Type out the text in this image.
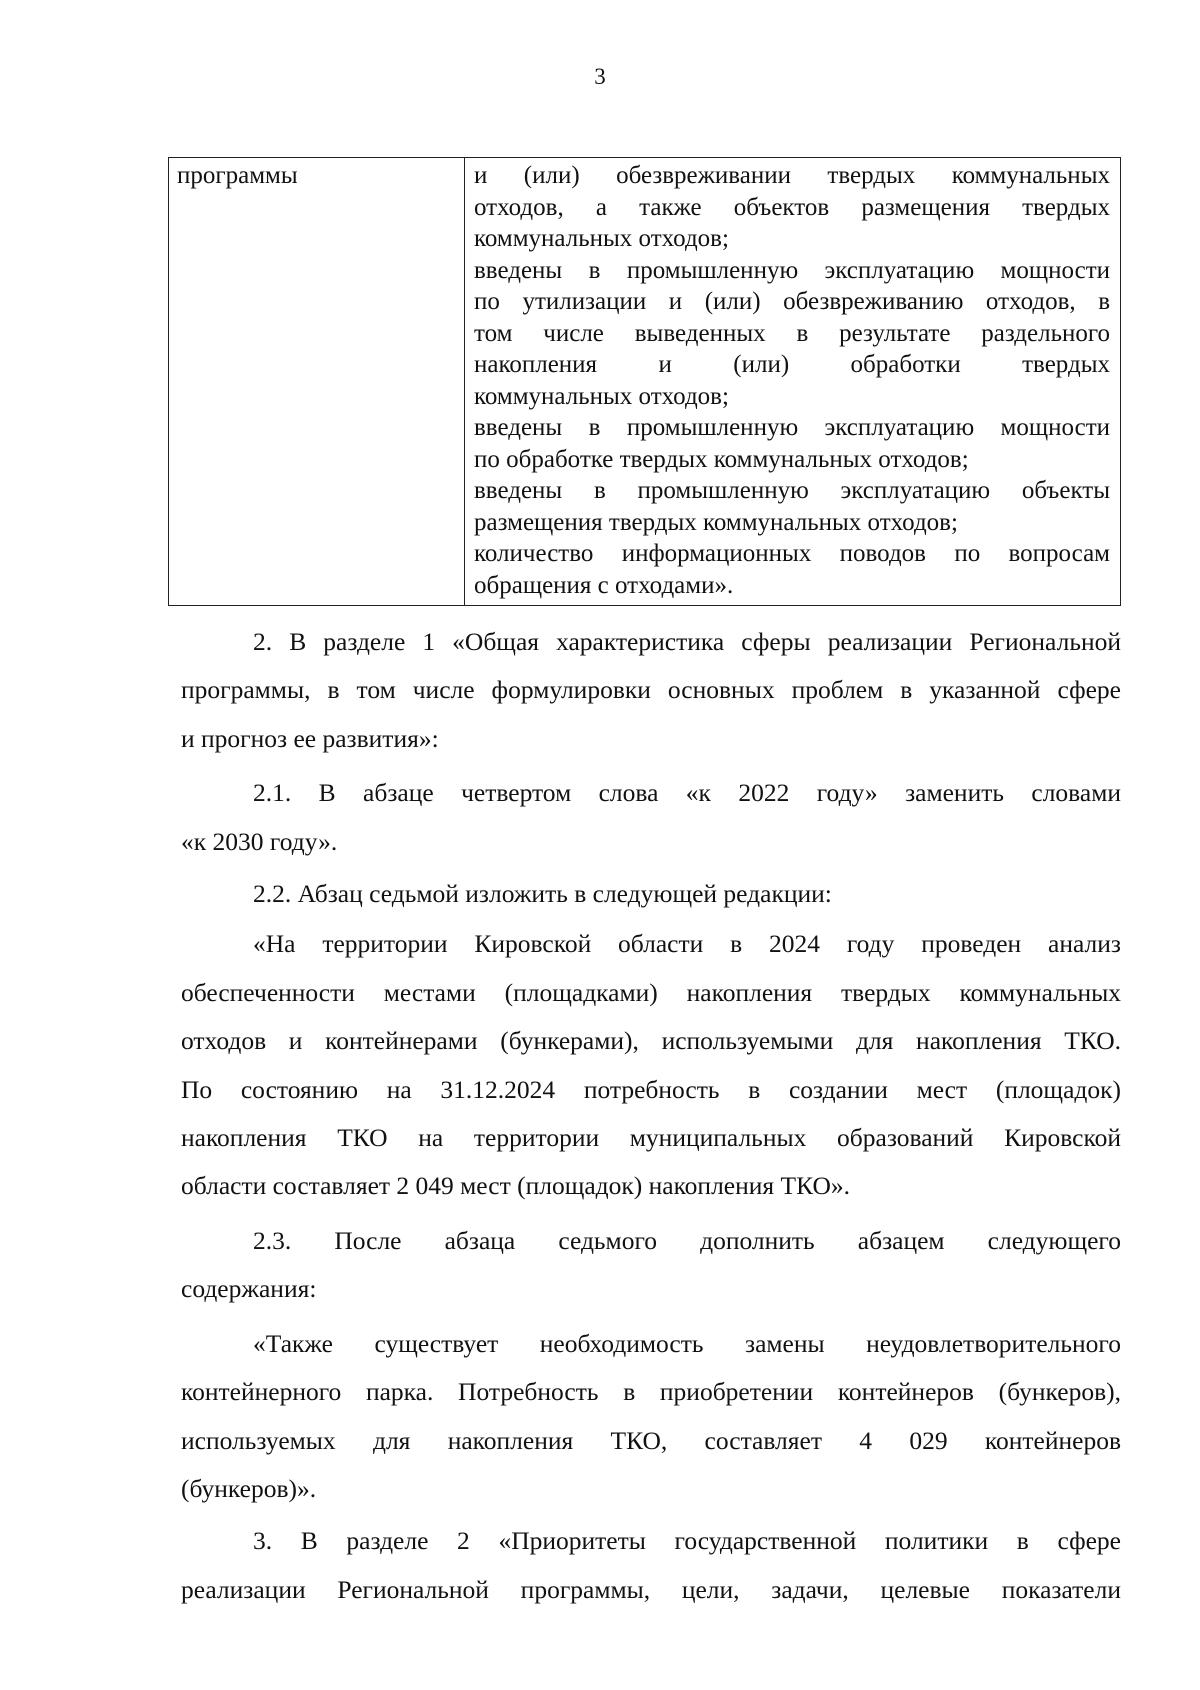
3
программы	и (или) обезвреживании твердых коммунальных
отходов, а также объектов размещения твердых
коммунальных отходов;
введены в промышленную эксплуатацию мощности
по утилизации и (или) обезвреживанию отходов, в
том числе выведенных в результате раздельного
накопления и (или) обработки твердых
коммунальных отходов;
введены в промышленную эксплуатацию мощности
по обработке твердых коммунальных отходов;
введены в промышленную эксплуатацию объекты
размещения твердых коммунальных отходов;
количество информационных поводов по вопросам
обращения с отходами».
2. В разделе 1 «Общая характеристика сферы реализации Региональной
программы, в том числе формулировки основных проблем в указанной сфере
и прогноз ее развития»:
2.1. В абзаце четвертом слова «к 2022 году» заменить словами
«к 2030 году».
2.2. Абзац седьмой изложить в следующей редакции:
«На территории Кировской области в 2024 году проведен анализ
обеспеченности местами (площадками) накопления твердых коммунальных
отходов и контейнерами (бункерами), используемыми для накопления ТКО.
По состоянию на 31.12.2024 потребность в создании мест (площадок)
накопления ТКО на территории муниципальных образований Кировской
области составляет 2 049 мест (площадок) накопления ТКО».
2.3. После абзаца седьмого дополнить абзацем следующего
содержания:
«Также существует необходимость замены неудовлетворительного
контейнерного парка. Потребность в приобретении контейнеров (бункеров),
используемых для накопления ТКО, составляет 4 029 контейнеров
(бункеров)».
3. В разделе 2 «Приоритеты государственной политики в сфере
реализации Региональной программы, цели, задачи, целевые показатели
